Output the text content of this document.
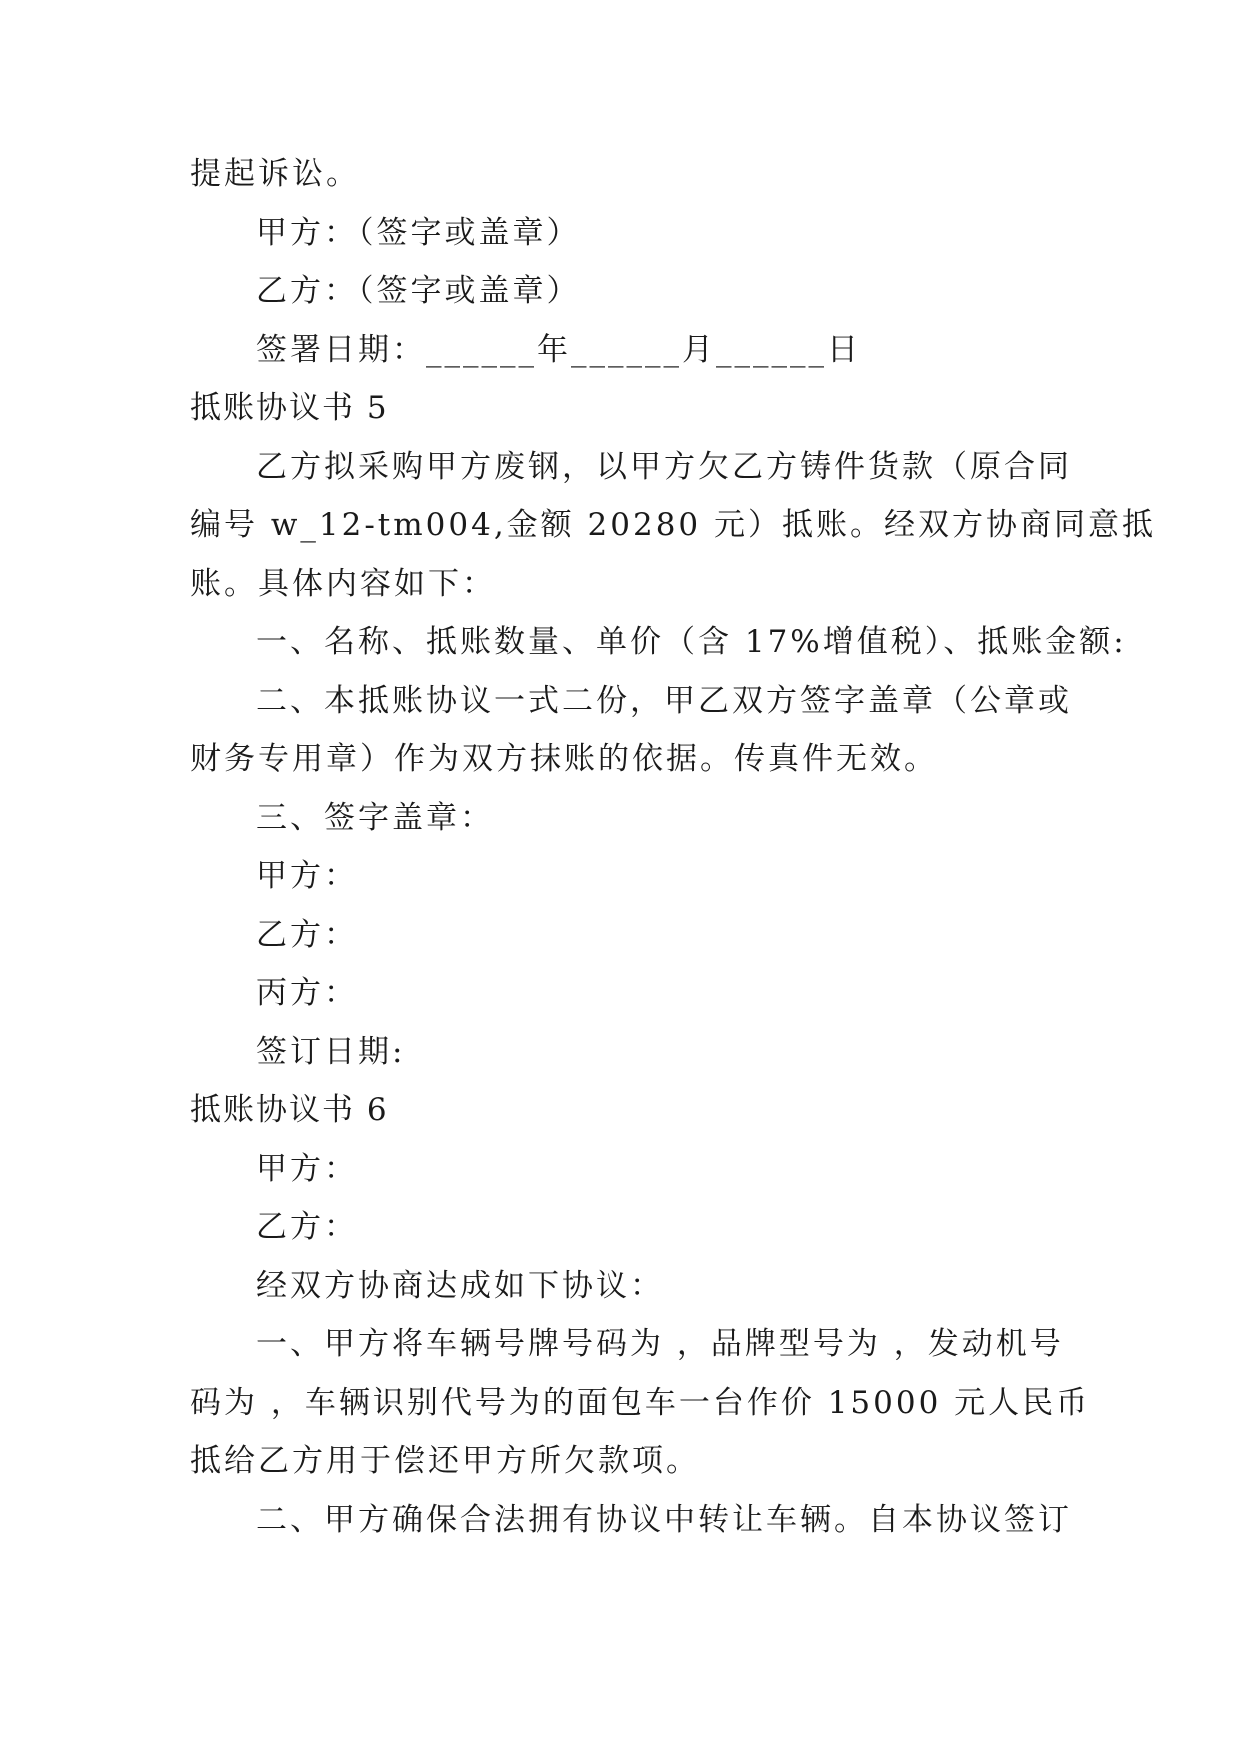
提起诉讼。
甲方：（签字或盖章）
乙方：（签字或盖章）
签署日期：______年______月______日
抵账协议书 5
乙方拟采购甲方废钢，以甲方欠乙方铸件货款（原合同
编号 w_12-tm004,金额 20280 元）抵账。经双方协商同意抵
账。具体内容如下：
一、名称、抵账数量、单价（含 17%增值税）、抵账金额:
二、本抵账协议一式二份，甲乙双方签字盖章（公章或
财务专用章）作为双方抹账的依据。传真件无效。
三、签字盖章：
甲方：
乙方：
丙方：
签订日期:
抵账协议书 6
甲方：
乙方：
经双方协商达成如下协议：
一、甲方将车辆号牌号码为 ，品牌型号为 ，发动机号
码为 ，车辆识别代号为的面包车一台作价 15000 元人民币
抵给乙方用于偿还甲方所欠款项。
二、甲方确保合法拥有协议中转让车辆。自本协议签订
